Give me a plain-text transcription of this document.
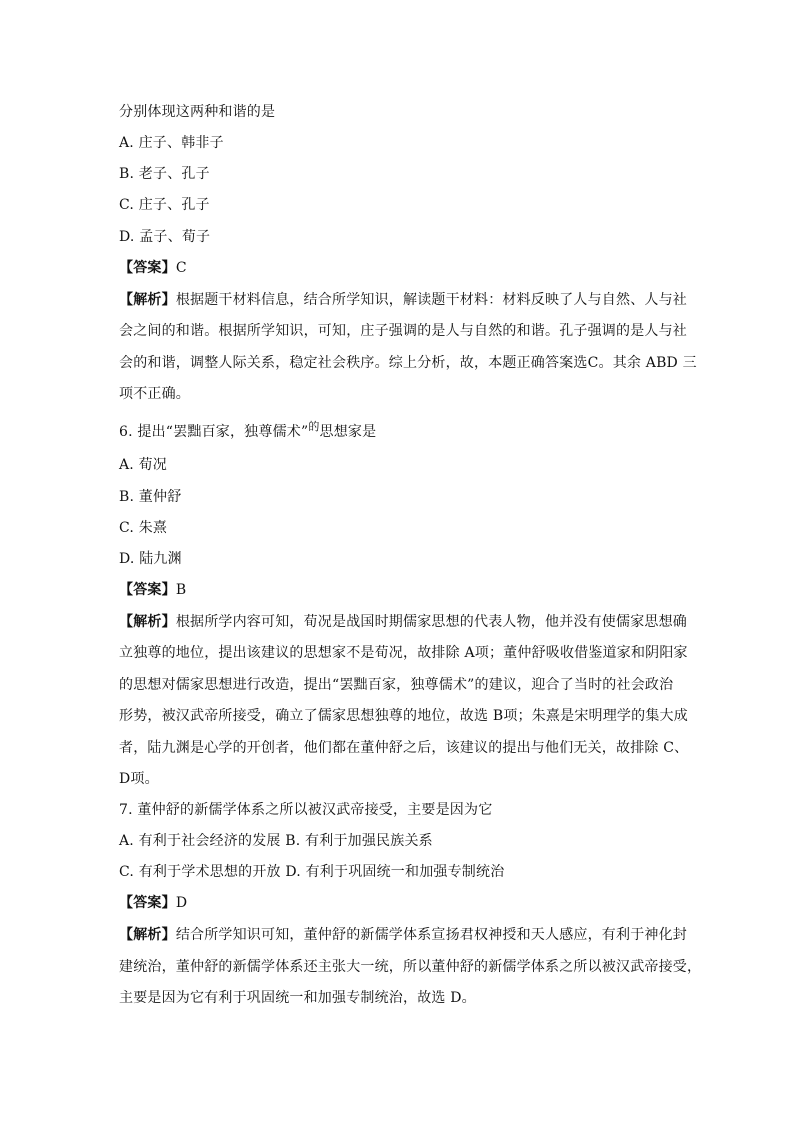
分别体现这两种和谐的是
A. 庄子、韩非子
B. 老子、孔子
C. 庄子、孔子
D. 孟子、荀子
【答案】C
【解析】根据题干材料信息，结合所学知识，解读题干材料：材料反映了人与自然、人与社
会之间的和谐。根据所学知识，可知，庄子强调的是人与自然的和谐。孔子强调的是人与社
会的和谐，调整人际关系，稳定社会秩序。综上分析，故，本题正确答案选C。其余 ABD 三
项不正确。
6. 提出“罢黜百家，独尊儒术”$^的$思想家是
A. 荀况
B. 董仲舒
C. 朱熹
D. 陆九渊
【答案】B
【解析】根据所学内容可知，荀况是战国时期儒家思想的代表人物，他并没有使儒家思想确
立独尊的地位，提出该建议的思想家不是荀况，故排除 A项；董仲舒吸收借鉴道家和阴阳家
的思想对儒家思想进行改造，提出“罢黜百家，独尊儒术”的建议，迎合了当时的社会政治
形势，被汉武帝所接受，确立了儒家思想独尊的地位，故选 B项；朱熹是宋明理学的集大成
者，陆九渊是心学的开创者，他们都在董仲舒之后，该建议的提出与他们无关，故排除 C、
D项。
7. 董仲舒的新儒学体系之所以被汉武帝接受，主要是因为它
A. 有利于社会经济的发展 B. 有利于加强民族关系
C. 有利于学术思想的开放 D. 有利于巩固统一和加强专制统治
【答案】D
【解析】结合所学知识可知，董仲舒的新儒学体系宣扬君权神授和天人感应，有利于神化封
建统治，董仲舒的新儒学体系还主张大一统，所以董仲舒的新儒学体系之所以被汉武帝接受，
主要是因为它有利于巩固统一和加强专制统治，故选 D。
